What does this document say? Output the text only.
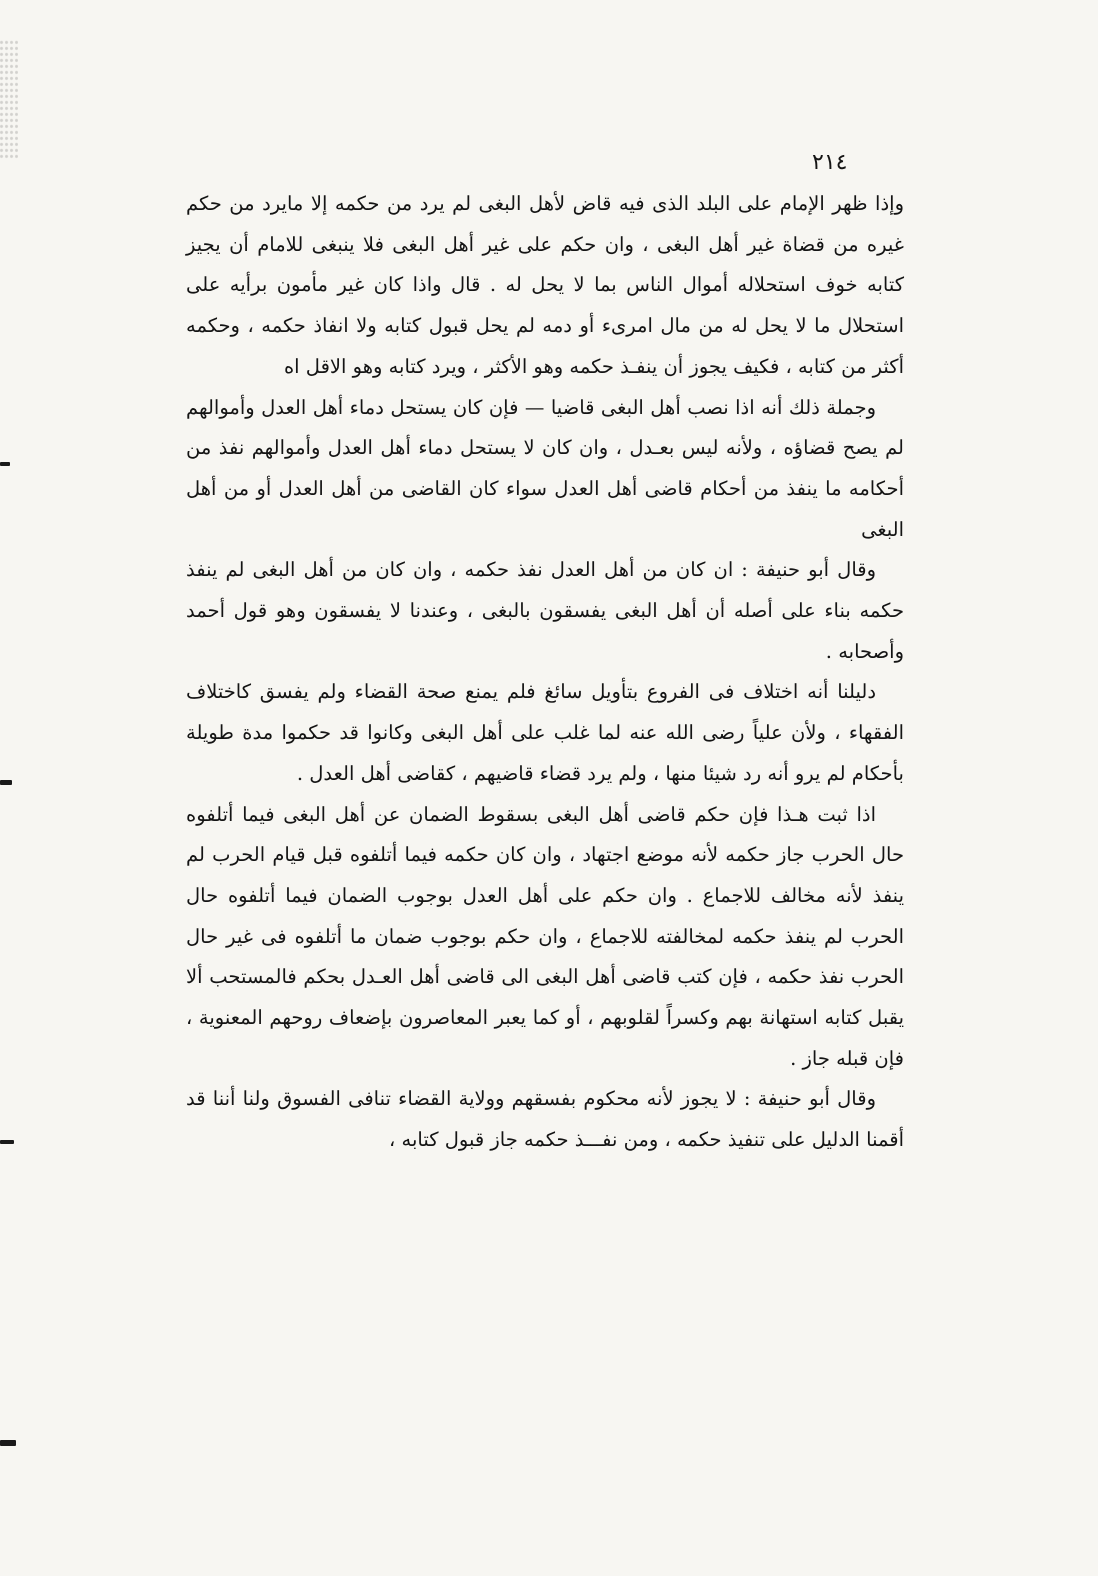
٢١٤

وإذا ظهر الإمام على البلد الذى فيه قاض لأهل البغى لم يرد من حكمه إلا مايرد من حكم غيره من قضاة غير أهل البغى ، وان حكم على غير أهل البغى فلا ينبغى للامام أن يجيز كتابه خوف استحلاله أموال الناس بما لا يحل له . قال واذا كان غير مأمون برأيه على استحلال ما لا يحل له من مال امرىء أو دمه لم يحل قبول كتابه ولا انفاذ حكمه ، وحكمه أكثر من كتابه ، فكيف يجوز أن ينفـذ حكمه وهو الأكثر ، ويرد كتابه وهو الاقل اه

وجملة ذلك أنه اذا نصب أهل البغى قاضيا — فإن كان يستحل دماء أهل العدل وأموالهم لم يصح قضاؤه ، ولأنه ليس بعـدل ، وان كان لا يستحل دماء أهل العدل وأموالهم نفذ من أحكامه ما ينفذ من أحكام قاضى أهل العدل سواء كان القاضى من أهل العدل أو من أهل البغى

وقال أبو حنيفة : ان كان من أهل العدل نفذ حكمه ، وان كان من أهل البغى لم ينفذ حكمه بناء على أصله أن أهل البغى يفسقون بالبغى ، وعندنا لا يفسقون وهو قول أحمد وأصحابه .

دليلنا أنه اختلاف فى الفروع بتأويل سائغ فلم يمنع صحة القضاء ولم يفسق كاختلاف الفقهاء ، ولأن علياً رضى الله عنه لما غلب على أهل البغى وكانوا قد حكموا مدة طويلة بأحكام لم يرو أنه رد شيئا منها ، ولم يرد قضاء قاضيهم ، كقاضى أهل العدل .

اذا ثبت هـذا فإن حكم قاضى أهل البغى بسقوط الضمان عن أهل البغى فيما أتلفوه حال الحرب جاز حكمه لأنه موضع اجتهاد ، وان كان حكمه فيما أتلفوه قبل قيام الحرب لم ينفذ لأنه مخالف للاجماع . وان حكم على أهل العدل بوجوب الضمان فيما أتلفوه حال الحرب لم ينفذ حكمه لمخالفته للاجماع ، وان حكم بوجوب ضمان ما أتلفوه فى غير حال الحرب نفذ حكمه ، فإن كتب قاضى أهل البغى الى قاضى أهل العـدل بحكم فالمستحب ألا يقبل كتابه استهانة بهم وكسراً لقلوبهم ، أو كما يعبر المعاصرون بإضعاف روحهم المعنوية ، فإن قبله جاز .

وقال أبو حنيفة : لا يجوز لأنه محكوم بفسقهم وولاية القضاء تنافى الفسوق ولنا أننا قد أقمنا الدليل على تنفيذ حكمه ، ومن نفـــذ حكمه جاز قبول كتابه ،
